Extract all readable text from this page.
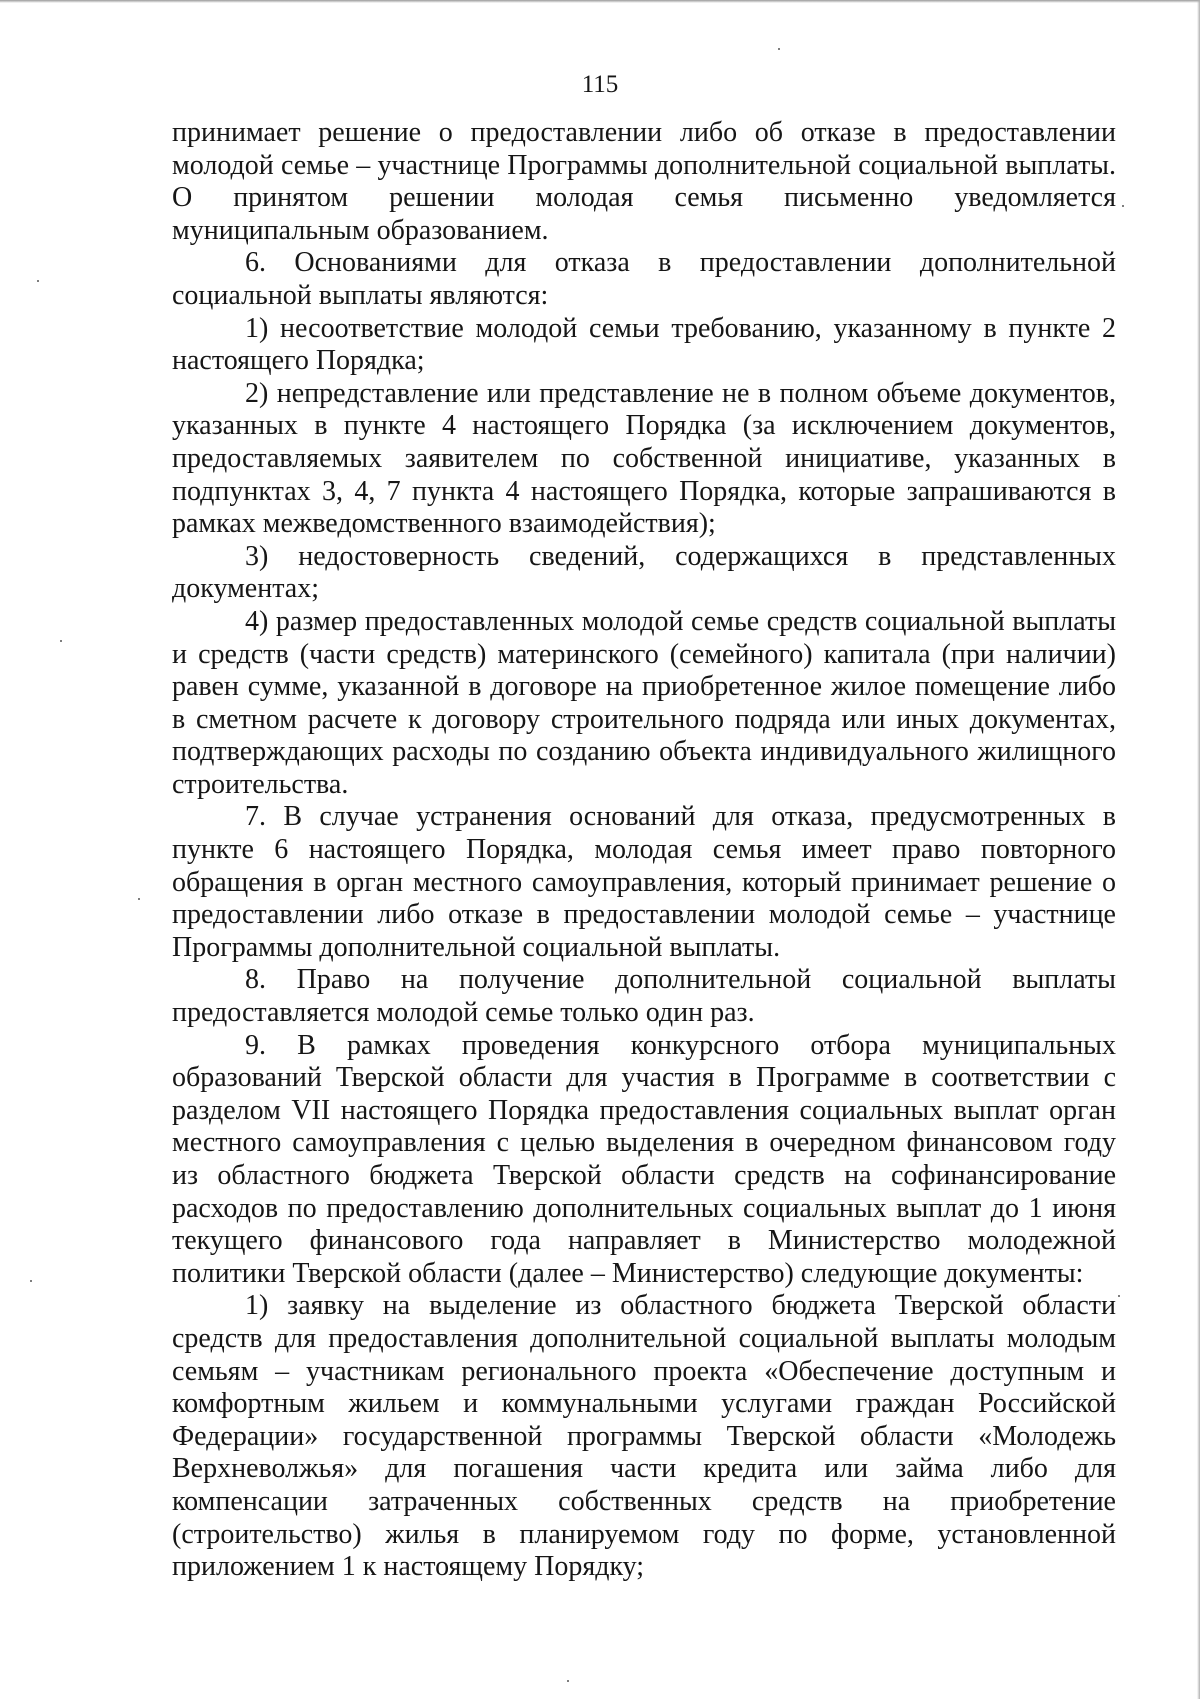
115

принимает решение о предоставлении либо об отказе в предоставлении молодой семье – участнице Программы дополнительной социальной выплаты. О принятом решении молодая семья письменно уведомляется муниципальным образованием.

6. Основаниями для отказа в предоставлении дополнительной социальной выплаты являются:

1) несоответствие молодой семьи требованию, указанному в пункте 2 настоящего Порядка;

2) непредставление или представление не в полном объеме документов, указанных в пункте 4 настоящего Порядка (за исключением документов, предоставляемых заявителем по собственной инициативе, указанных в подпунктах 3, 4, 7 пункта 4 настоящего Порядка, которые запрашиваются в рамках межведомственного взаимодействия);

3) недостоверность сведений, содержащихся в представленных документах;

4) размер предоставленных молодой семье средств социальной выплаты и средств (части средств) материнского (семейного) капитала (при наличии) равен сумме, указанной в договоре на приобретенное жилое помещение либо в сметном расчете к договору строительного подряда или иных документах, подтверждающих расходы по созданию объекта индивидуального жилищного строительства.

7. В случае устранения оснований для отказа, предусмотренных в пункте 6 настоящего Порядка, молодая семья имеет право повторного обращения в орган местного самоуправления, который принимает решение о предоставлении либо отказе в предоставлении молодой семье – участнице Программы дополнительной социальной выплаты.

8. Право на получение дополнительной социальной выплаты предоставляется молодой семье только один раз.

9. В рамках проведения конкурсного отбора муниципальных образований Тверской области для участия в Программе в соответствии с разделом VII настоящего Порядка предоставления социальных выплат орган местного самоуправления с целью выделения в очередном финансовом году из областного бюджета Тверской области средств на софинансирование расходов по предоставлению дополнительных социальных выплат до 1 июня текущего финансового года направляет в Министерство молодежной политики Тверской области (далее – Министерство) следующие документы:

1) заявку на выделение из областного бюджета Тверской области средств для предоставления дополнительной социальной выплаты молодым семьям – участникам регионального проекта «Обеспечение доступным и комфортным жильем и коммунальными услугами граждан Российской Федерации» государственной программы Тверской области «Молодежь Верхневолжья» для погашения части кредита или займа либо для компенсации затраченных собственных средств на приобретение (строительство) жилья в планируемом году по форме, установленной приложением 1 к настоящему Порядку;
